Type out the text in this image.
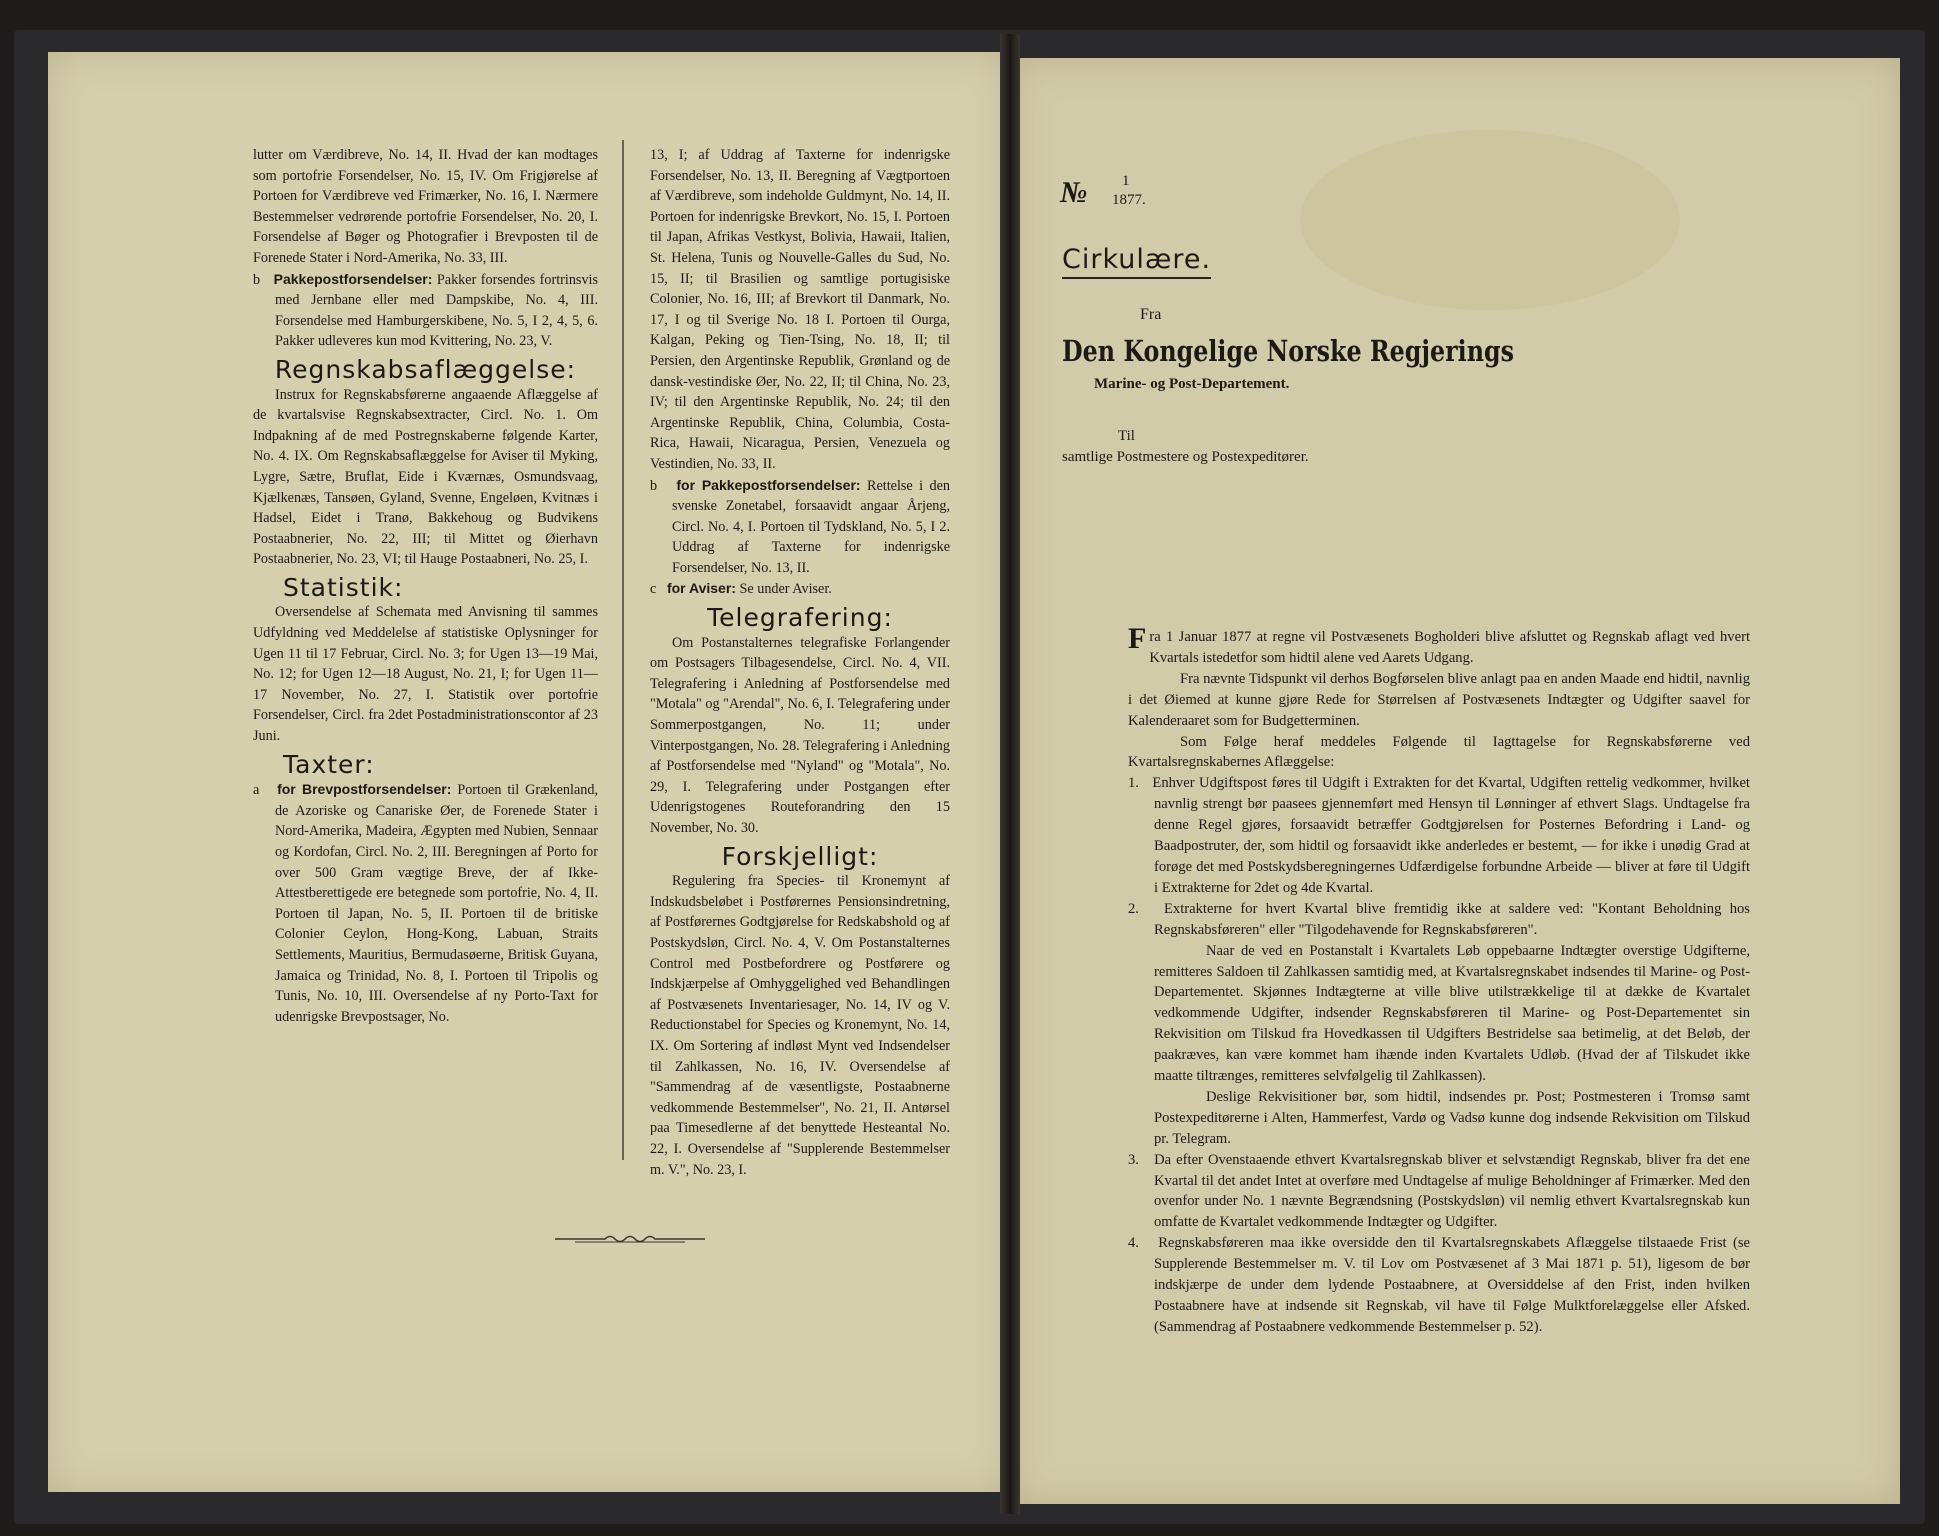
lutter om Værdibreve, No. 14, II. Hvad der kan modtages som portofrie Forsendelser, No. 15, IV. Om Frigjørelse af Portoen for Værdibreve ved Frimærker, No. 16, I. Nærmere Bestemmelser vedrørende portofrie Forsendelser, No. 20, I. Forsendelse af Bøger og Photografier i Brevposten til de Forenede Stater i Nord-Amerika, No. 33, III.

b Pakkepostforsendelser: Pakker forsendes fortrinsvis med Jernbane eller med Dampskibe, No. 4, III. Forsendelse med Hamburgerskibene, No. 5, I 2, 4, 5, 6. Pakker udleveres kun mod Kvittering, No. 23, V.

Regnskabsaflæggelse:

Instrux for Regnskabsførerne angaaende Aflæggelse af de kvartalsvise Regnskabsextracter, Circl. No. 1. Om Indpakning af de med Postregnskaberne følgende Karter, No. 4. IX. Om Regnskabsaflæggelse for Aviser til Myking, Lygre, Sætre, Bruflat, Eide i Kværnæs, Osmundsvaag, Kjælkenæs, Tansøen, Gyland, Svenne, Engeløen, Kvitnæs i Hadsel, Eidet i Tranø, Bakkehoug og Budvikens Postaabnerier, No. 22, III; til Mittet og Øierhavn Postaabnerier, No. 23, VI; til Hauge Postaabneri, No. 25, I.

Statistik:

Oversendelse af Schemata med Anvisning til sammes Udfyldning ved Meddelelse af statistiske Oplysninger for Ugen 11 til 17 Februar, Circl. No. 3; for Ugen 13—19 Mai, No. 12; for Ugen 12—18 August, No. 21, I; for Ugen 11—17 November, No. 27, I. Statistik over portofrie Forsendelser, Circl. fra 2det Postadministrationscontor af 23 Juni.

Taxter:

a for Brevpostforsendelser: Portoen til Grækenland, de Azoriske og Canariske Øer, de Forenede Stater i Nord-Amerika, Madeira, Ægypten med Nubien, Sennaar og Kordofan, Circl. No. 2, III. Beregningen af Porto for over 500 Gram vægtige Breve, der af Ikke-Attestberettigede ere betegnede som portofrie, No. 4, II. Portoen til Japan, No. 5, II. Portoen til de britiske Colonier Ceylon, Hong-Kong, Labuan, Straits Settlements, Mauritius, Bermudasøerne, Britisk Guyana, Jamaica og Trinidad, No. 8, I. Portoen til Tripolis og Tunis, No. 10, III. Oversendelse af ny Porto-Taxt for udenrigske Brevpostsager, No.

13, I; af Uddrag af Taxterne for indenrigske Forsendelser, No. 13, II. Beregning af Vægtportoen af Værdibreve, som indeholde Guldmynt, No. 14, II. Portoen for indenrigske Brevkort, No. 15, I. Portoen til Japan, Afrikas Vestkyst, Bolivia, Hawaii, Italien, St. Helena, Tunis og Nouvelle-Galles du Sud, No. 15, II; til Brasilien og samtlige portugisiske Colonier, No. 16, III; af Brevkort til Danmark, No. 17, I og til Sverige No. 18 I. Portoen til Ourga, Kalgan, Peking og Tien-Tsing, No. 18, II; til Persien, den Argentinske Republik, Grønland og de dansk-vestindiske Øer, No. 22, II; til China, No. 23, IV; til den Argentinske Republik, No. 24; til den Argentinske Republik, China, Columbia, Costa-Rica, Hawaii, Nicaragua, Persien, Venezuela og Vestindien, No. 33, II.

b for Pakkepostforsendelser: Rettelse i den svenske Zonetabel, forsaavidt angaar Årjeng, Circl. No. 4, I. Portoen til Tydskland, No. 5, I 2. Uddrag af Taxterne for indenrigske Forsendelser, No. 13, II.

c for Aviser: Se under Aviser.

Telegrafering:

Om Postanstalternes telegrafiske Forlangender om Postsagers Tilbagesendelse, Circl. No. 4, VII. Telegrafering i Anledning af Postforsendelse med "Motala" og "Arendal", No. 6, I. Telegrafering under Sommerpostgangen, No. 11; under Vinterpostgangen, No. 28. Telegrafering i Anledning af Postforsendelse med "Nyland" og "Motala", No. 29, I. Telegrafering under Postgangen efter Udenrigstogenes Routeforandring den 15 November, No. 30.

Forskjelligt:

Regulering fra Species- til Kronemynt af Indskudsbeløbet i Postførernes Pensionsindretning, af Postførernes Godtgjørelse for Redskabshold og af Postskydsløn, Circl. No. 4, V. Om Postanstalternes Control med Postbefordrere og Postførere og Indskjærpelse af Omhyggelighed ved Behandlingen af Postvæsenets Inventariesager, No. 14, IV og V. Reductionstabel for Species og Kronemynt, No. 14, IX. Om Sortering af indløst Mynt ved Indsendelser til Zahlkassen, No. 16, IV. Oversendelse af "Sammendrag af de væsentligste, Postaabnerne vedkommende Bestemmelser", No. 21, II. Antørsel paa Timesedlerne af det benyttede Hesteantal No. 22, I. Oversendelse af "Supplerende Bestemmelser m. V.", No. 23, I.

№	1
1877.
Cirkulære.
Fra
Den Kongelige Norske Regjerings
Marine- og Post-Departement.
Til
samtlige Postmestere og Postexpeditører.

Fra 1 Januar 1877 at regne vil Postvæsenets Bogholderi blive afsluttet og Regnskab aflagt ved hvert Kvartals istedetfor som hidtil alene ved Aarets Udgang.

Fra nævnte Tidspunkt vil derhos Bogførselen blive anlagt paa en anden Maade end hidtil, navnlig i det Øiemed at kunne gjøre Rede for Størrelsen af Postvæsenets Indtægter og Udgifter saavel for Kalenderaaret som for Budgetterminen.

Som Følge heraf meddeles Følgende til Iagttagelse for Regnskabsførerne ved Kvartalsregnskabernes Aflæggelse:

1. Enhver Udgiftspost føres til Udgift i Extrakten for det Kvartal, Udgiften rettelig vedkommer, hvilket navnlig strengt bør paasees gjennemført med Hensyn til Lønninger af ethvert Slags. Undtagelse fra denne Regel gjøres, forsaavidt betræffer Godtgjørelsen for Posternes Befordring i Land- og Baadpostruter, der, som hidtil og forsaavidt ikke anderledes er bestemt, — for ikke i unødig Grad at forøge det med Postskydsberegningernes Udfærdigelse forbundne Arbeide — bliver at føre til Udgift i Extrakterne for 2det og 4de Kvartal.

2. Extrakterne for hvert Kvartal blive fremtidig ikke at saldere ved: "Kontant Beholdning hos Regnskabsføreren" eller "Tilgodehavende for Regnskabsføreren".

Naar de ved en Postanstalt i Kvartalets Løb oppebaarne Indtægter overstige Udgifterne, remitteres Saldoen til Zahlkassen samtidig med, at Kvartalsregnskabet indsendes til Marine- og Post-Departementet. Skjønnes Indtægterne at ville blive utilstrækkelige til at dække de Kvartalet vedkommende Udgifter, indsender Regnskabsføreren til Marine- og Post-Departementet sin Rekvisition om Tilskud fra Hovedkassen til Udgifters Bestridelse saa betimelig, at det Beløb, der paakræves, kan være kommet ham ihænde inden Kvartalets Udløb. (Hvad der af Tilskudet ikke maatte tiltrænges, remitteres selvfølgelig til Zahlkassen).

Deslige Rekvisitioner bør, som hidtil, indsendes pr. Post; Postmesteren i Tromsø samt Postexpeditørerne i Alten, Hammerfest, Vardø og Vadsø kunne dog indsende Rekvisition om Tilskud pr. Telegram.

3. Da efter Ovenstaaende ethvert Kvartalsregnskab bliver et selvstændigt Regnskab, bliver fra det ene Kvartal til det andet Intet at overføre med Undtagelse af mulige Beholdninger af Frimærker. Med den ovenfor under No. 1 nævnte Begrændsning (Postskydsløn) vil nemlig ethvert Kvartalsregnskab kun omfatte de Kvartalet vedkommende Indtægter og Udgifter.

4. Regnskabsføreren maa ikke oversidde den til Kvartalsregnskabets Aflæggelse tilstaaede Frist (se Supplerende Bestemmelser m. V. til Lov om Postvæsenet af 3 Mai 1871 p. 51), ligesom de bør indskjærpe de under dem lydende Postaabnere, at Oversiddelse af den Frist, inden hvilken Postaabnere have at indsende sit Regnskab, vil have til Følge Mulktforelæggelse eller Afsked. (Sammendrag af Postaabnere vedkommende Bestemmelser p. 52).
